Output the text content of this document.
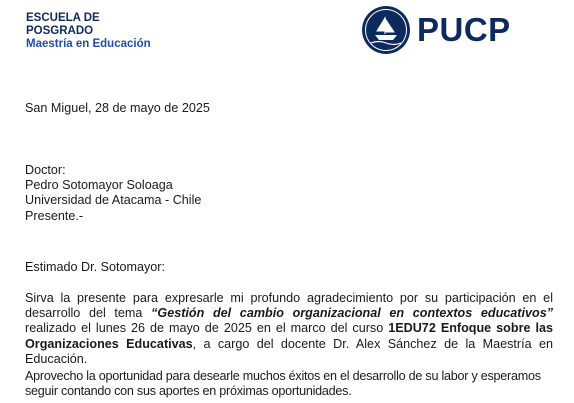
ESCUELA DE
POSGRADO
Maestría en Educación	PUCP
San Miguel, 28 de mayo de 2025
Doctor:
Pedro Sotomayor Soloaga
Universidad de Atacama - Chile
Presente.-
Estimado Dr. Sotomayor:
Sirva la presente para expresarle mi profundo agradecimiento por su participación en el desarrollo del tema “Gestión del cambio organizacional en contextos educativos” realizado el lunes 26 de mayo de 2025 en el marco del curso 1EDU72 Enfoque sobre las Organizaciones Educativas, a cargo del docente Dr. Alex Sánchez de la Maestría en Educación.
Aprovecho la oportunidad para desearle muchos éxitos en el desarrollo de su labor y esperamos seguir contando con sus aportes en próximas oportunidades.
